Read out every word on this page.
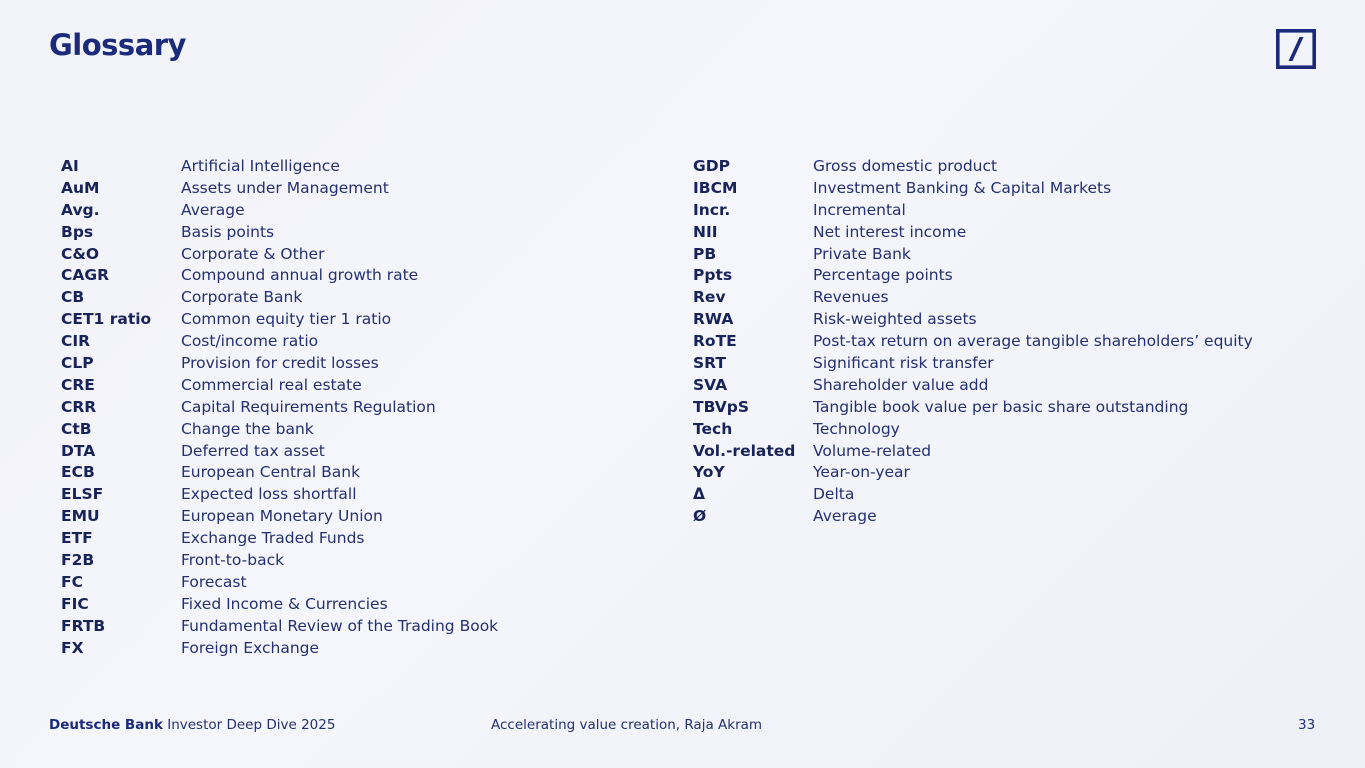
Glossary
AI	Artificial Intelligence
AuM	Assets under Management
Avg.	Average
Bps	Basis points
C&O	Corporate & Other
CAGR	Compound annual growth rate
CB	Corporate Bank
CET1 ratio	Common equity tier 1 ratio
CIR	Cost/income ratio
CLP	Provision for credit losses
CRE	Commercial real estate
CRR	Capital Requirements Regulation
CtB	Change the bank
DTA	Deferred tax asset
ECB	European Central Bank
ELSF	Expected loss shortfall
EMU	European Monetary Union
ETF	Exchange Traded Funds
F2B	Front-to-back
FC	Forecast
FIC	Fixed Income & Currencies
FRTB	Fundamental Review of the Trading Book
FX	Foreign Exchange
GDP	Gross domestic product
IBCM	Investment Banking & Capital Markets
Incr.	Incremental
NII	Net interest income
PB	Private Bank
Ppts	Percentage points
Rev	Revenues
RWA	Risk-weighted assets
RoTE	Post-tax return on average tangible shareholders’ equity
SRT	Significant risk transfer
SVA	Shareholder value add
TBVpS	Tangible book value per basic share outstanding
Tech	Technology
Vol.-related	Volume-related
YoY	Year-on-year
Δ	Delta
Ø	Average
Deutsche Bank Investor Deep Dive 2025	Accelerating value creation, Raja Akram	33
